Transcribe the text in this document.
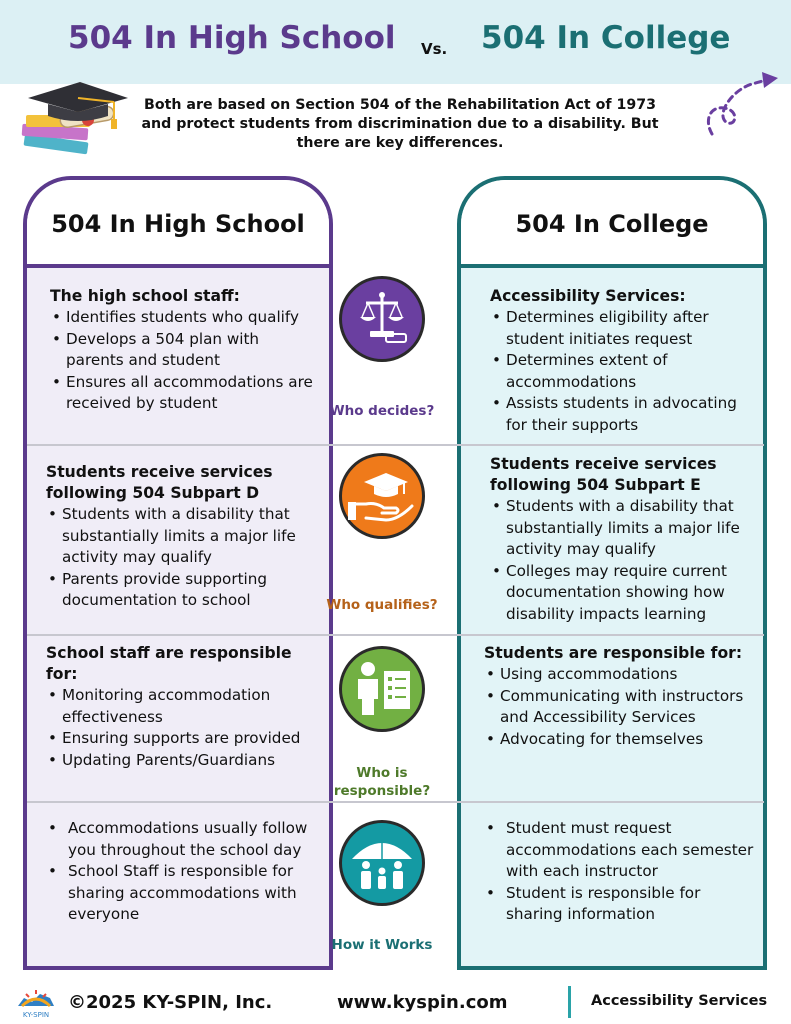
504 In High School Vs. 504 In College
Both are based on Section 504 of the Rehabilitation Act of 1973 and protect students from discrimination due to a disability. But there are key differences.
504 In High School	504 In College
The high school staff:
• Identifies students who qualify
• Develops a 504 plan with parents and student
• Ensures all accommodations are received by student
Accessibility Services:
• Determines eligibility after student initiates request
• Determines extent of accommodations
• Assists students in advocating for their supports
Who decides?
Students receive services following 504 Subpart D
• Students with a disability that substantially limits a major life activity may qualify
• Parents provide supporting documentation to school
Students receive services following 504 Subpart E
• Students with a disability that substantially limits a major life activity may qualify
• Colleges may require current documentation showing how disability impacts learning
Who qualifies?
School staff are responsible for:
• Monitoring accommodation effectiveness
• Ensuring supports are provided
• Updating Parents/Guardians
Students are responsible for:
• Using accommodations
• Communicating with instructors and Accessibility Services
• Advocating for themselves
Who is responsible?
• Accommodations usually follow you throughout the school day
• School Staff is responsible for sharing accommodations with everyone
• Student must request accommodations each semester with each instructor
• Student is responsible for sharing information
How it Works
KY-SPIN
©2025 KY-SPIN, Inc.	www.kyspin.com	Accessibility Services
